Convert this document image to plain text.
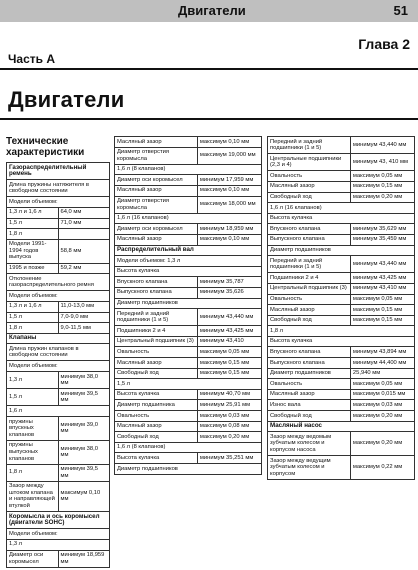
Двигатели	51
Глава 2
Часть A
Двигатели
Технические характеристики
Газораспределительный ремень	
Длина пружины натяжителя в свободном состоянии	
Модели объемом:	
1,3 л и 1,6 л	64,0 мм
1,5 л	71,0 мм
1,8 л	
Модели 1991-1994 годов выпуска	58,8 мм
1995 и позже	59,2 мм
Отклонение газораспределительного ремня	
Модели объемом:	
1,3 л и 1,6 л	11,0-13,0 мм
1,5 л	7,0-9,0 мм
1,8 л	9,0-11,5 мм
Клапаны	
Длина пружин клапанов в свободном состоянии	
Модели объемом:	
1,3 л	минимум 38,0 мм
1,5 л	минимум 39,5 мм
1,6 л	
пружины впускных клапанов	минимум 39,0 мм
пружины выпускных клапанов	минимум 38,0 мм
1,8 л	минимум 39,5 мм
Зазор между штоком клапана и направляющей втулкой	максимум 0,10 мм
Коромысла и ось коромысел (двигатели SOHC)	
Модели объемом:	
1,3 л	
Диаметр оси коромысел	минимум 18,959 мм
Масляный зазор	максимум 0,10 мм
Диаметр отверстия коромысла	максимум 19,000 мм
1,6 л (8 клапанов)	
Диаметр оси коромысел	минимум 17,959 мм
Масляный зазор	максимум 0,10 мм
Диаметр отверстия коромысла	максимум 18,000 мм
1,6 л (16 клапанов)	
Диаметр оси коромысел	минимум 18,959 мм
Масляный зазор	максимум 0,10 мм
Распределительный вал	
Модели объемом: 1,3 л	
Высота кулачка	
Впускного клапана	минимум 35,787
Выпускного клапана	минимум 35,626
Диаметр подшипников	
Передний и задний подшипники (1 и 5)	минимум 43,440 мм
Подшипники 2 и 4	минимум 43,425 мм
Центральный подшипник (3)	минимум 43,410
Овальность	максимум 0,05 мм
Масляный зазор	максимум 0,15 мм
Свободный ход	максимум 0,15 мм
1,5 л	
Высота кулачка	минимум 40,70 мм
Диаметр подшипника	минимум 25,91 мм
Овальность	максимум 0,03 мм
Масляный зазор	максимум 0,08 мм
Свободный ход	максимум 0,20 мм
1,6 л (8 клапанов)	
Высота кулачка	минимум 35,251 мм
Диаметр подшипников	
Передний и задний подшипники (1 и 5)	минимум 43,440 мм
Центральные подшипники (2,3 и 4)	минимум 43, 410 мм
Овальность	максимум 0,05 мм
Масляный зазор	максимум 0,15 мм
Свободный ход	максимум 0,20 мм
1,6 л (16 клапанов)	
Высота кулачка	
Впускного клапана	минимум 35,629 мм
Выпускного клапана	минимум 35,459 мм
Диаметр подшипников	
Передний и задний подшипники (1 и 5)	минимум 43,440 мм
Подшипники 2 и 4	минимум 43,425 мм
Центральный подшипник (3)	минимум 43,410 мм
Овальность	максимум 0,05 мм
Масляный зазор	максимум 0,15 мм
Свободный ход	максимум 0,15 мм
1,8 л	
Высота кулачка	
Впускного клапана	минимум 43,894 мм
Выпускного клапана	минимум 44,400 мм
Диаметр подшипников	25,940 мм
Овальность	максимум 0,05 мм
Масляный зазор	максимум 0,015 мм
Износ вала	максимум 0,03 мм
Свободный ход	максимум 0,20 мм
Масляный насос	
Зазор между ведомым зубчатым колесом и корпусом насоса	максимум 0,20 мм
Зазор между ведущим зубчатым колесом и корпусом	максимум 0,22 мм
